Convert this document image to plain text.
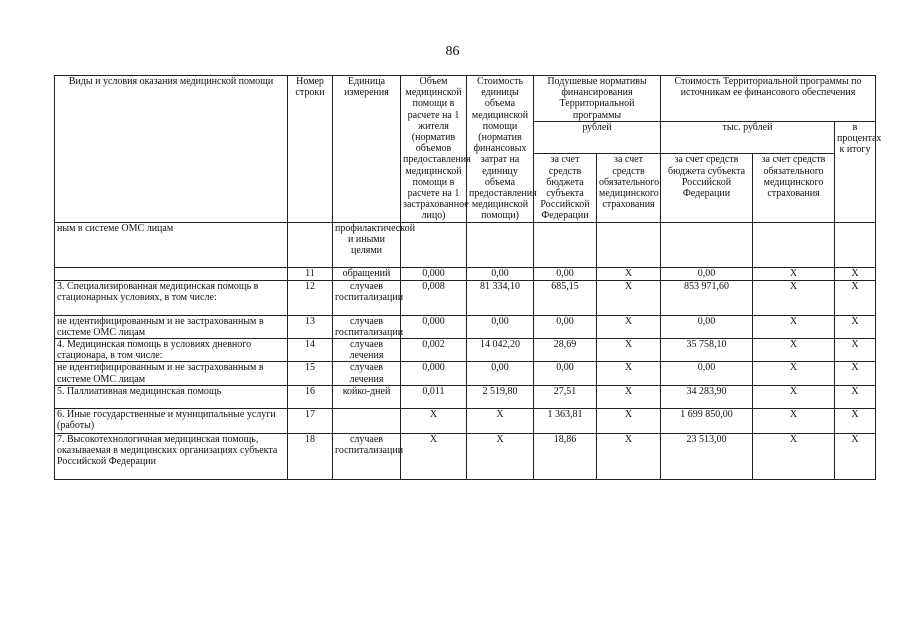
86
Виды и условия оказания медицинской помощи	Номер строки	Единица измерения	Объем медицинской помощи в расчете на 1 жителя (норматив объемов предоставления медицинской помощи в расчете на 1 застрахованное лицо)	Стоимость единицы объема медицинской помощи (норматив финансовых затрат на единицу объема предоставления медицинской помощи)	Подушевые нормативы финансирования Территориальной программы		Стоимость Территориальной программы по источникам ее финансового обеспечения		
					рублей		тыс. рублей		в процентах к итогу
					за счет средств бюджета субъекта Российской Федерации	за счет средств обязательного медицинского страхования	за счет средств бюджета субъекта Российской Федерации	за счет средств обязательного медицинского страхования	
ным в системе ОМС лицам		профилактической и иными целями							
	11	обращений	0,000	0,00	0,00	X	0,00	X	X
3. Специализированная медицинская помощь в стационарных условиях, в том числе:	12	случаев госпитализации	0,008	81 334,10	685,15	X	853 971,60	X	X
не идентифицированным и не застрахованным в системе ОМС лицам	13	случаев госпитализации	0,000	0,00	0,00	X	0,00	X	X
4. Медицинская помощь в условиях дневного стационара, в том числе:	14	случаев лечения	0,002	14 042,20	28,69	X	35 758,10	X	X
не идентифицированным и не застрахованным в системе ОМС лицам	15	случаев лечения	0,000	0,00	0,00	X	0,00	X	X
5. Паллиативная медицинская помощь	16	койко-дней	0,011	2 519,80	27,51	X	34 283,90	X	X
6. Иные государственные и муниципальные услуги (работы)	17		X	X	1 363,81	X	1 699 850,00	X	X
7. Высокотехнологичная медицинская помощь, оказываемая в медицинских организациях субъекта Российской Федерации	18	случаев госпитализации	X	X	18,86	X	23 513,00	X	X
